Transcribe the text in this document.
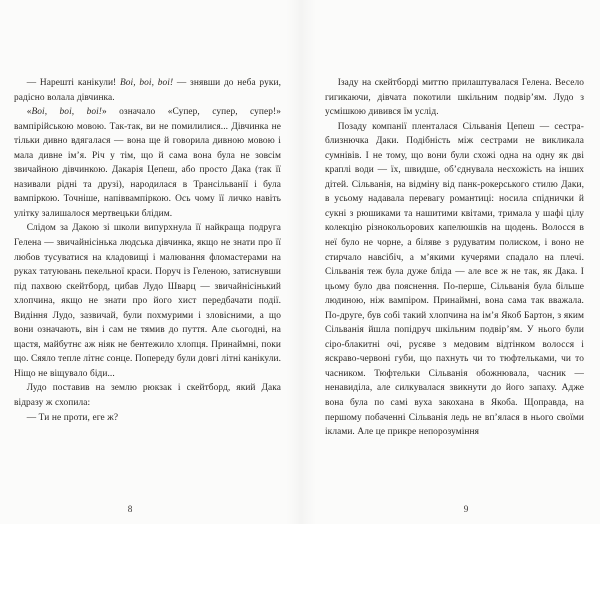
— Нарешті канікули! Boi, boi, boi! — знявши до неба руки, радісно волала дівчинка.

«Boi, boi, boi!» означало «Супер, супер, супер!» вампірійською мовою. Так-так, ви не помилилися... Дівчинка не тільки дивно вдягалася — вона ще й говорила дивною мовою і мала дивне ім’я. Річ у тім, що й сама вона була не зовсім звичайною дівчинкою. Дакарія Цепеш, або просто Дака (так її називали рідні та друзі), народилася в Трансільванії і була вампіркою. Точніше, напіввампіркою. Ось чому її личко навіть улітку залишалося мертвецьки блідим.

Слідом за Дакою зі школи випурхнула її найкраща подруга Гелена — звичайнісінька людська дівчинка, якщо не знати про її любов тусуватися на кладовищі і малювання фломастерами на руках татуювань пекельної краси. Поруч із Геленою, затиснувши під пахвою скейтборд, цибав Лудо Шварц — звичайнісінький хлопчина, якщо не знати про його хист передбачати події. Видіння Лудо, зазвичай, були похмурими і зловісними, а що вони означають, він і сам не тямив до пуття. Але сьогодні, на щастя, майбутнє аж ніяк не бентежило хлопця. Принаймні, поки що. Сяяло тепле літнє сонце. Попереду були довгі літні канікули. Ніщо не віщувало біди...

Лудо поставив на землю рюкзак і скейтборд, який Дака відразу ж схопила:

— Ти не проти, еге ж?

8

Ізаду на скейтборді миттю прилаштувалася Гелена. Весело гигикаючи, дівчата покотили шкільним подвір’ям. Лудо з усмішкою дивився їм услід.

Позаду компанії пленталася Сільванія Цепеш — сестра-близнючка Даки. Подібність між сестрами не викликала сумнівів. І не тому, що вони були схожі одна на одну як дві краплі води — їх, швидше, об’єднувала несхожість на інших дітей. Сільванія, на відміну від панк-рокерського стилю Даки, в усьому надавала перевагу романтиці: носила спіднички й сукні з рюшиками та нашитими квітами, тримала у шафі цілу колекцію різнокольорових капелюшків на щодень. Волосся в неї було не чорне, а біляве з рудуватим полиском, і воно не стирчало навсібіч, а м’якими кучерями спадало на плечі. Сільванія теж була дуже бліда — але все ж не так, як Дака. І цьому було два пояснення. По-перше, Сільванія була більше людиною, ніж вампіром. Принаймні, вона сама так вважала. По-друге, був собі такий хлопчина на ім’я Якоб Бартон, з яким Сільванія йшла попідруч шкільним подвір’ям. У нього були сіро-блакитні очі, русяве з медовим відтінком волосся і яскраво-червоні губи, що пахнуть чи то тюфтельками, чи то часником. Тюфтельки Сільванія обожнювала, часник — ненавиділа, але силкувалася звикнути до його запаху. Адже вона була по самі вуха закохана в Якоба. Щоправда, на першому побаченні Сільванія ледь не вп’ялася в нього своїми іклами. Але це прикре непорозуміння

9
